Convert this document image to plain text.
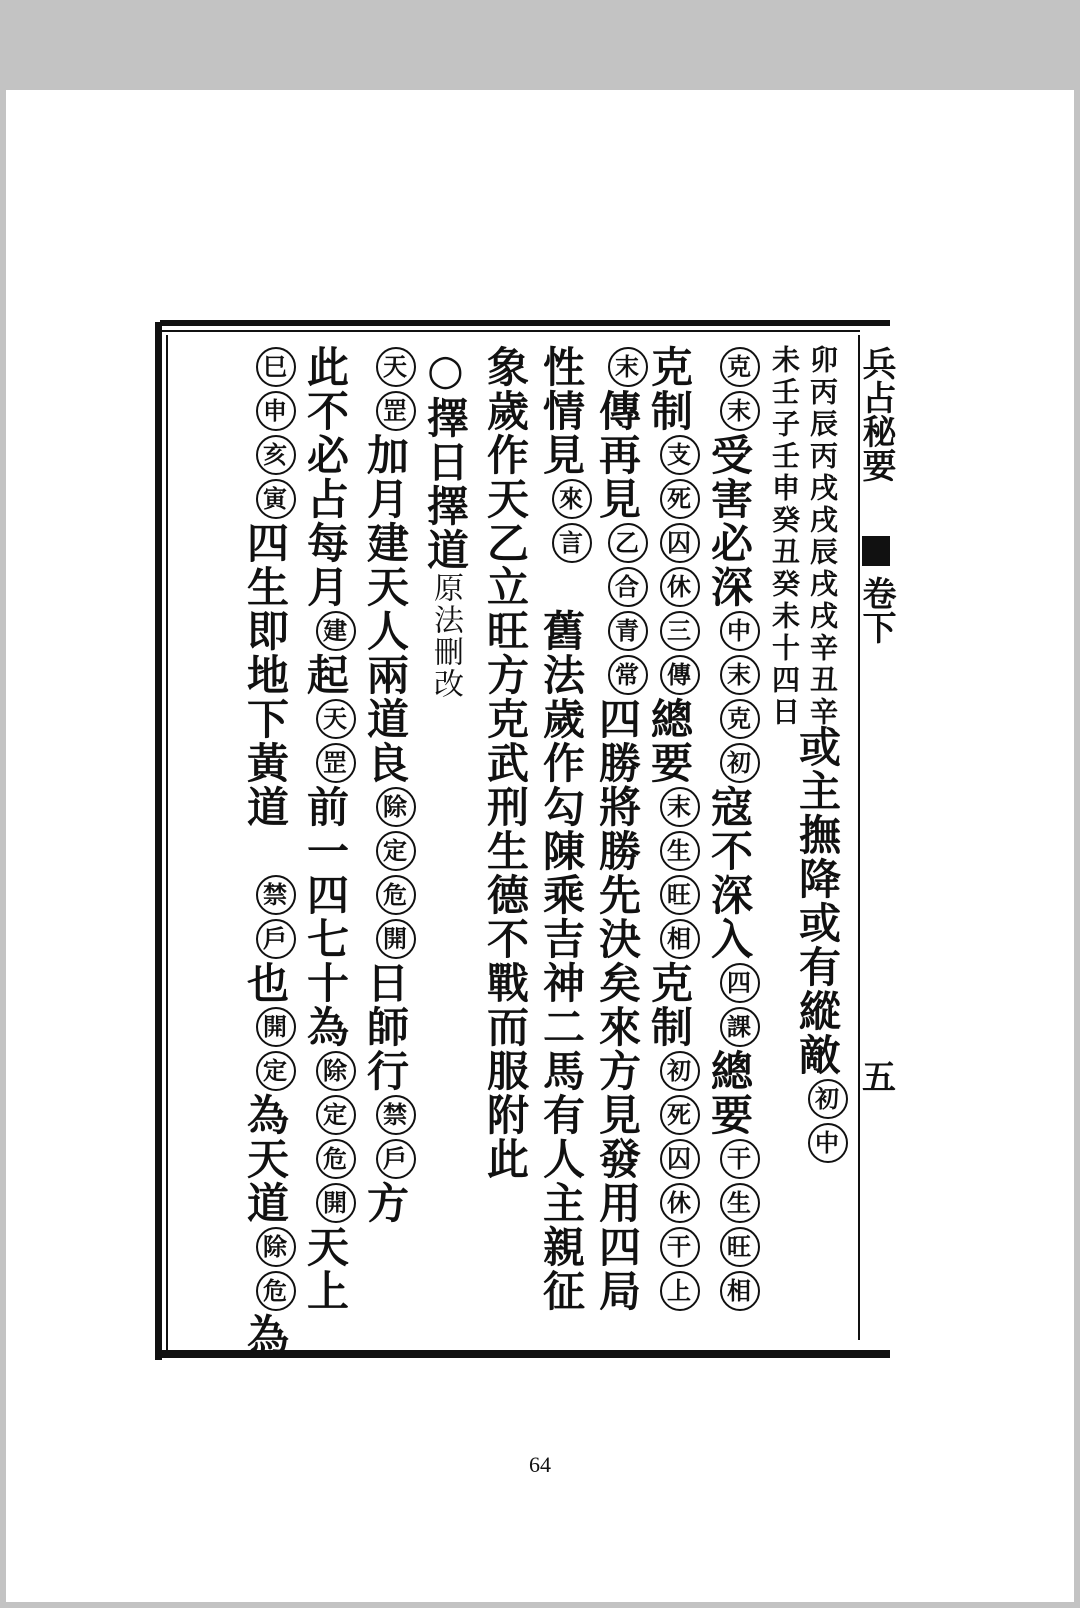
兵占秘要
卷下
五
卯丙辰丙戌戌辰戌戌辛丑辛
未壬子壬申癸丑癸未十四日
或主撫降或有縱敵初中
克末受害必深中末克初寇不深入四課總要干生旺相
克制支死囚休三傳總要末生旺相克制初死囚休干上
末傳再見乙合青常四勝將勝先決矣來方見發用四局
性情見來言　舊法歲作勾陳乘吉神二馬有人主親征
象歲作天乙立旺方克武刑生德不戰而服附此
○擇日擇道原法刪改
天罡加月建天人兩道良除定危開日師行禁戶方
此不必占每月建起天罡前一四七十為除定危開天上
巳申亥寅四生即地下黃道　禁戶也開定為天道除危為
64
